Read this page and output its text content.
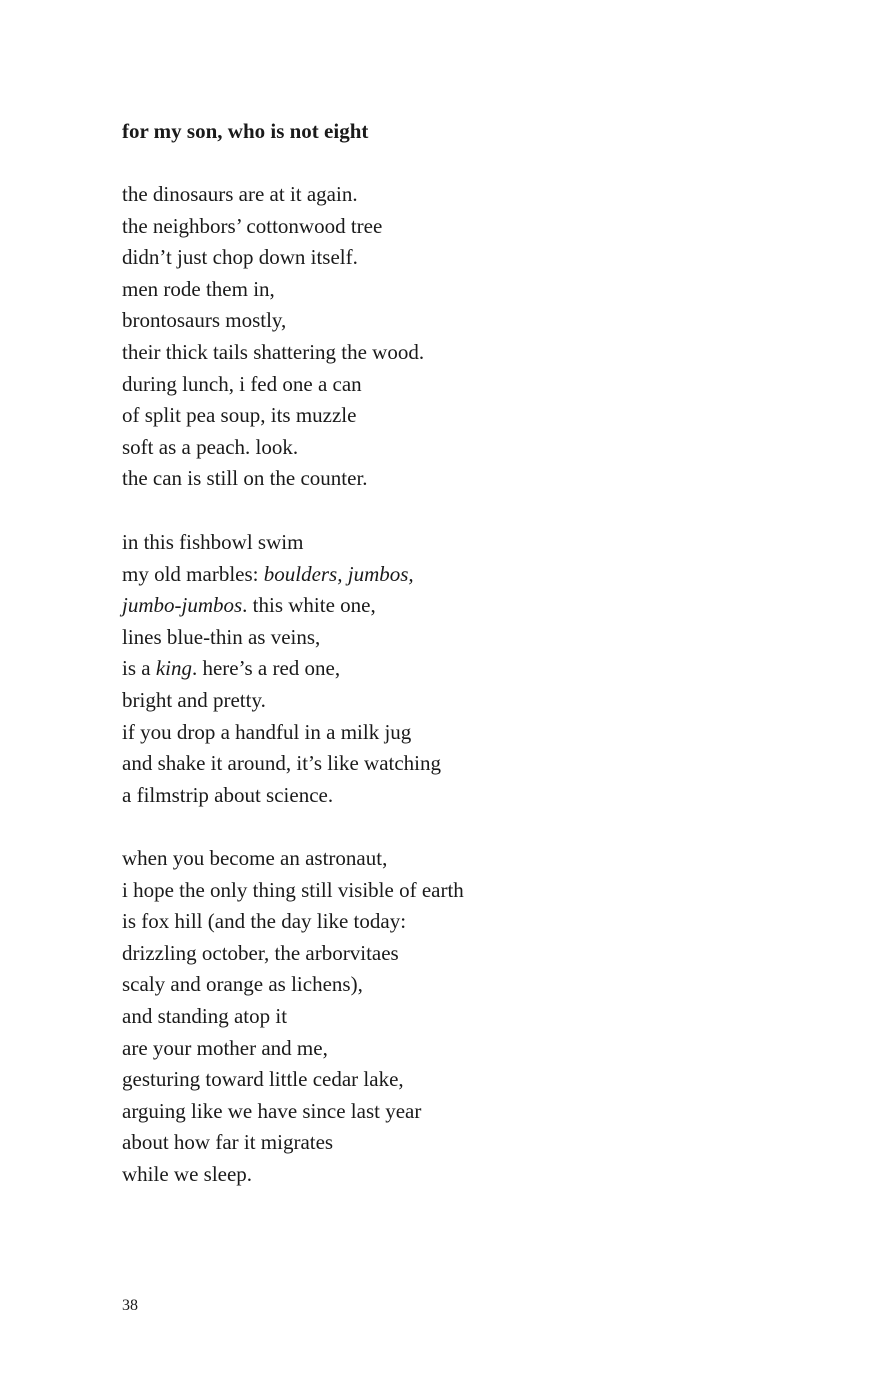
for my son, who is not eight
the dinosaurs are at it again.
the neighbors’ cottonwood tree
didn’t just chop down itself.
men rode them in,
brontosaurs mostly,
their thick tails shattering the wood.
during lunch, i fed one a can
of split pea soup, its muzzle
soft as a peach. look.
the can is still on the counter.
in this fishbowl swim
my old marbles: boulders, jumbos,
jumbo-jumbos. this white one,
lines blue-thin as veins,
is a king. here’s a red one,
bright and pretty.
if you drop a handful in a milk jug
and shake it around, it’s like watching
a filmstrip about science.
when you become an astronaut,
i hope the only thing still visible of earth
is fox hill (and the day like today:
drizzling october, the arborvitaes
scaly and orange as lichens),
and standing atop it
are your mother and me,
gesturing toward little cedar lake,
arguing like we have since last year
about how far it migrates
while we sleep.

38
